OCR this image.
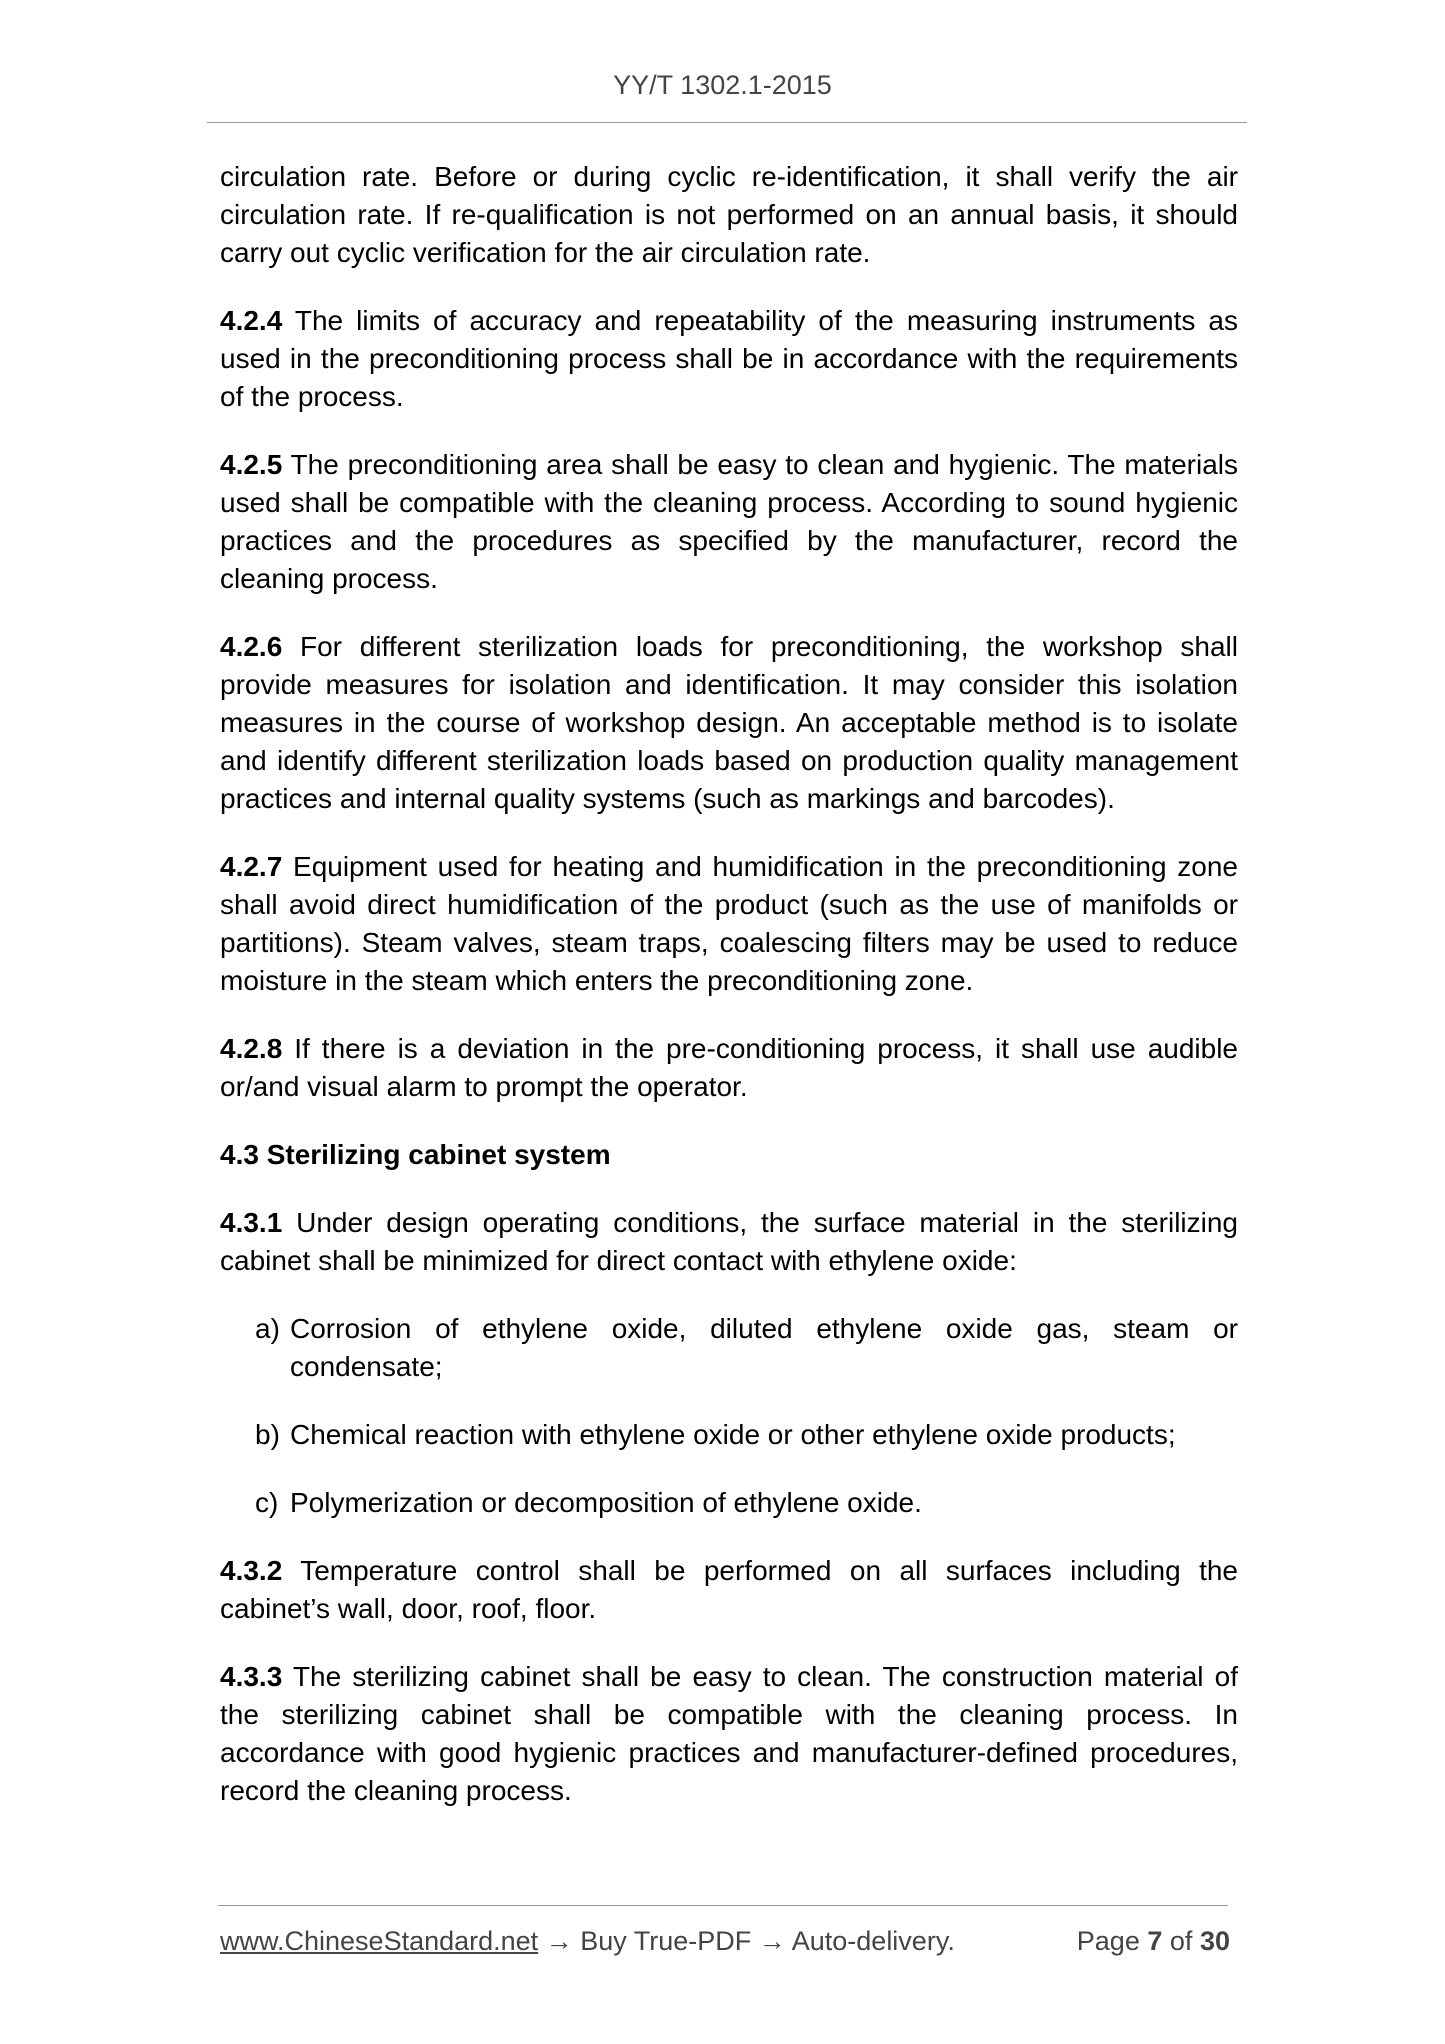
YY/T 1302.1-2015

circulation rate. Before or during cyclic re-identification, it shall verify the air circulation rate. If re-qualification is not performed on an annual basis, it should carry out cyclic verification for the air circulation rate.

4.2.4 The limits of accuracy and repeatability of the measuring instruments as used in the preconditioning process shall be in accordance with the requirements of the process.

4.2.5 The preconditioning area shall be easy to clean and hygienic. The materials used shall be compatible with the cleaning process. According to sound hygienic practices and the procedures as specified by the manufacturer, record the cleaning process.

4.2.6 For different sterilization loads for preconditioning, the workshop shall provide measures for isolation and identification. It may consider this isolation measures in the course of workshop design. An acceptable method is to isolate and identify different sterilization loads based on production quality management practices and internal quality systems (such as markings and barcodes).

4.2.7 Equipment used for heating and humidification in the preconditioning zone shall avoid direct humidification of the product (such as the use of manifolds or partitions). Steam valves, steam traps, coalescing filters may be used to reduce moisture in the steam which enters the preconditioning zone.

4.2.8 If there is a deviation in the pre-conditioning process, it shall use audible or/and visual alarm to prompt the operator.

4.3 Sterilizing cabinet system

4.3.1 Under design operating conditions, the surface material in the sterilizing cabinet shall be minimized for direct contact with ethylene oxide:

a) Corrosion of ethylene oxide, diluted ethylene oxide gas, steam or condensate;

b) Chemical reaction with ethylene oxide or other ethylene oxide products;

c) Polymerization or decomposition of ethylene oxide.

4.3.2 Temperature control shall be performed on all surfaces including the cabinet’s wall, door, roof, floor.

4.3.3 The sterilizing cabinet shall be easy to clean. The construction material of the sterilizing cabinet shall be compatible with the cleaning process. In accordance with good hygienic practices and manufacturer-defined procedures, record the cleaning process.

www.ChineseStandard.net → Buy True-PDF → Auto-delivery.	Page 7 of 30
